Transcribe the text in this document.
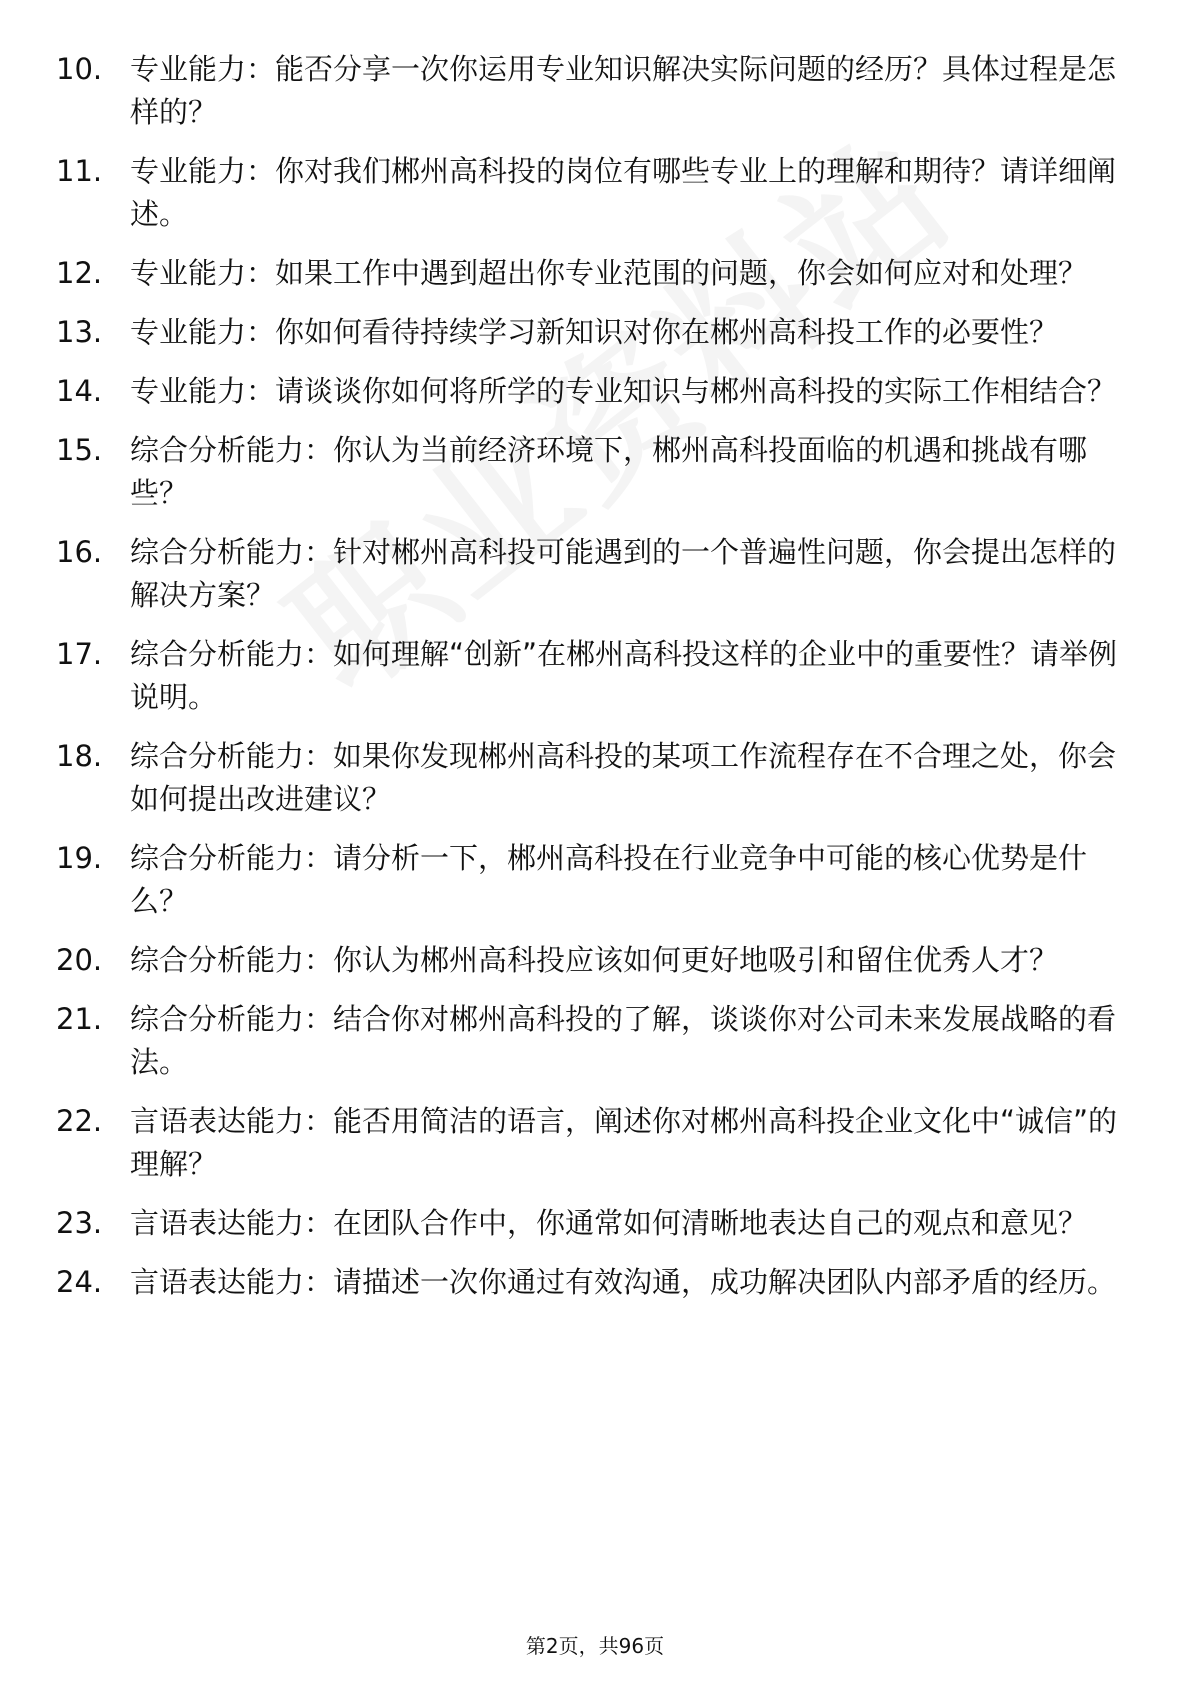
10. 专业能力：能否分享一次你运用专业知识解决实际问题的经历？具体过程是怎样的？
11. 专业能力：你对我们郴州高科投的岗位有哪些专业上的理解和期待？请详细阐述。
12. 专业能力：如果工作中遇到超出你专业范围的问题，你会如何应对和处理？
13. 专业能力：你如何看待持续学习新知识对你在郴州高科投工作的必要性？
14. 专业能力：请谈谈你如何将所学的专业知识与郴州高科投的实际工作相结合？
15. 综合分析能力：你认为当前经济环境下，郴州高科投面临的机遇和挑战有哪些？
16. 综合分析能力：针对郴州高科投可能遇到的一个普遍性问题，你会提出怎样的解决方案？
17. 综合分析能力：如何理解“创新”在郴州高科投这样的企业中的重要性？请举例说明。
18. 综合分析能力：如果你发现郴州高科投的某项工作流程存在不合理之处，你会如何提出改进建议？
19. 综合分析能力：请分析一下，郴州高科投在行业竞争中可能的核心优势是什么？
20. 综合分析能力：你认为郴州高科投应该如何更好地吸引和留住优秀人才？
21. 综合分析能力：结合你对郴州高科投的了解，谈谈你对公司未来发展战略的看法。
22. 言语表达能力：能否用简洁的语言，阐述你对郴州高科投企业文化中“诚信”的理解？
23. 言语表达能力：在团队合作中，你通常如何清晰地表达自己的观点和意见？
24. 言语表达能力：请描述一次你通过有效沟通，成功解决团队内部矛盾的经历。
第2页，共96页
